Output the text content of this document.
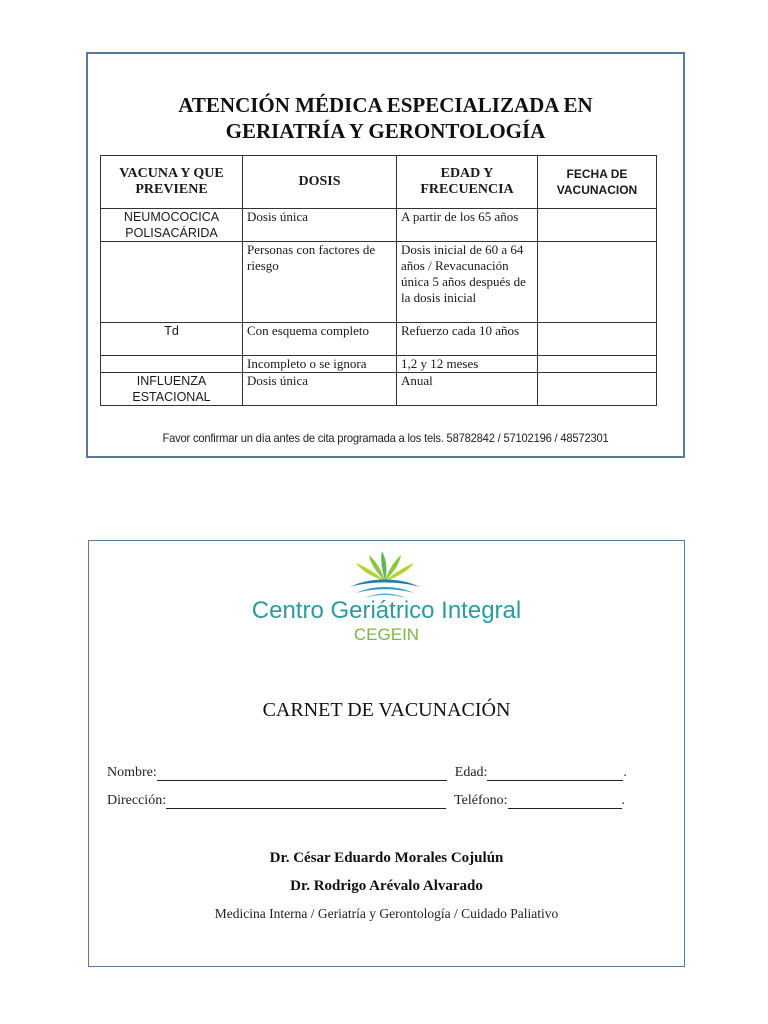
ATENCIÓN MÉDICA ESPECIALIZADA EN
GERIATRÍA Y GERONTOLOGÍA
VACUNA Y QUE PREVIENE	DOSIS	EDAD Y FRECUENCIA	FECHA DE VACUNACION
NEUMOCOCICA POLISACÁRIDA	Dosis única	A partir de los 65 años	
	Personas con factores de riesgo	Dosis inicial de 60 a 64 años / Revacunación única 5 años después de la dosis inicial	
Td	Con esquema completo	Refuerzo cada 10 años	
	Incompleto o se ignora	1,2 y 12 meses	
INFLUENZA ESTACIONAL	Dosis única	Anual	
Favor confirmar un día antes de cita programada a los tels. 58782842 / 57102196 / 48572301
Centro Geriátrico Integral
CEGEIN
CARNET DE VACUNACIÓN
Nombre:	Edad:	.
Dirección:	Teléfono:	.
Dr. César Eduardo Morales Cojulún
Dr. Rodrigo Arévalo Alvarado
Medicina Interna / Geriatría y Gerontología / Cuidado Paliativo
